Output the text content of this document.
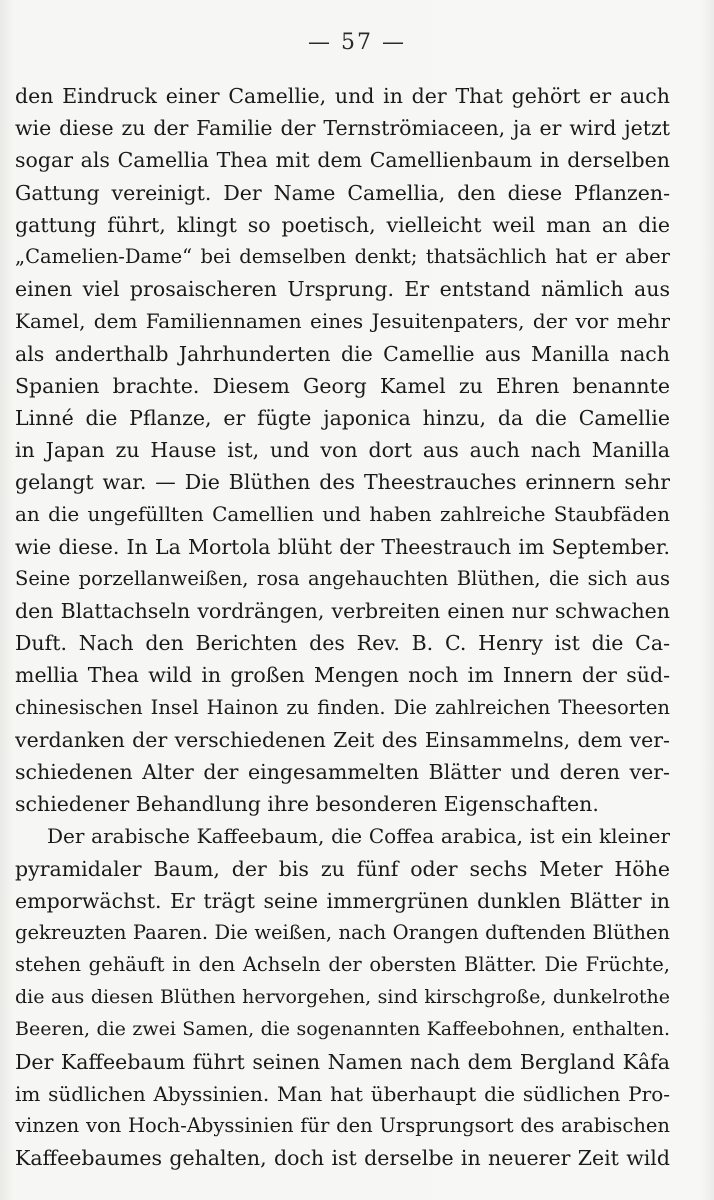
— 57 —
den Eindruck einer Camellie, und in der That gehört er auch
wie diese zu der Familie der Ternströmiaceen, ja er wird jetzt
sogar als Camellia Thea mit dem Camellienbaum in derselben
Gattung vereinigt. Der Name Camellia, den diese Pflanzen-
gattung führt, klingt so poetisch, vielleicht weil man an die
„Camelien-Dame“ bei demselben denkt; thatsächlich hat er aber
einen viel prosaischeren Ursprung. Er entstand nämlich aus
Kamel, dem Familiennamen eines Jesuitenpaters, der vor mehr
als anderthalb Jahrhunderten die Camellie aus Manilla nach
Spanien brachte. Diesem Georg Kamel zu Ehren benannte
Linné die Pflanze, er fügte japonica hinzu, da die Camellie
in Japan zu Hause ist, und von dort aus auch nach Manilla
gelangt war. — Die Blüthen des Theestrauches erinnern sehr
an die ungefüllten Camellien und haben zahlreiche Staubfäden
wie diese. In La Mortola blüht der Theestrauch im September.
Seine porzellanweißen, rosa angehauchten Blüthen, die sich aus
den Blattachseln vordrängen, verbreiten einen nur schwachen
Duft. Nach den Berichten des Rev. B. C. Henry ist die Ca-
mellia Thea wild in großen Mengen noch im Innern der süd-
chinesischen Insel Hainon zu finden. Die zahlreichen Theesorten
verdanken der verschiedenen Zeit des Einsammelns, dem ver-
schiedenen Alter der eingesammelten Blätter und deren ver-
schiedener Behandlung ihre besonderen Eigenschaften.
Der arabische Kaffeebaum, die Coffea arabica, ist ein kleiner
pyramidaler Baum, der bis zu fünf oder sechs Meter Höhe
emporwächst. Er trägt seine immergrünen dunklen Blätter in
gekreuzten Paaren. Die weißen, nach Orangen duftenden Blüthen
stehen gehäuft in den Achseln der obersten Blätter. Die Früchte,
die aus diesen Blüthen hervorgehen, sind kirschgroße, dunkelrothe
Beeren, die zwei Samen, die sogenannten Kaffeebohnen, enthalten.
Der Kaffeebaum führt seinen Namen nach dem Bergland Kâfa
im südlichen Abyssinien. Man hat überhaupt die südlichen Pro-
vinzen von Hoch-Abyssinien für den Ursprungsort des arabischen
Kaffeebaumes gehalten, doch ist derselbe in neuerer Zeit wild
